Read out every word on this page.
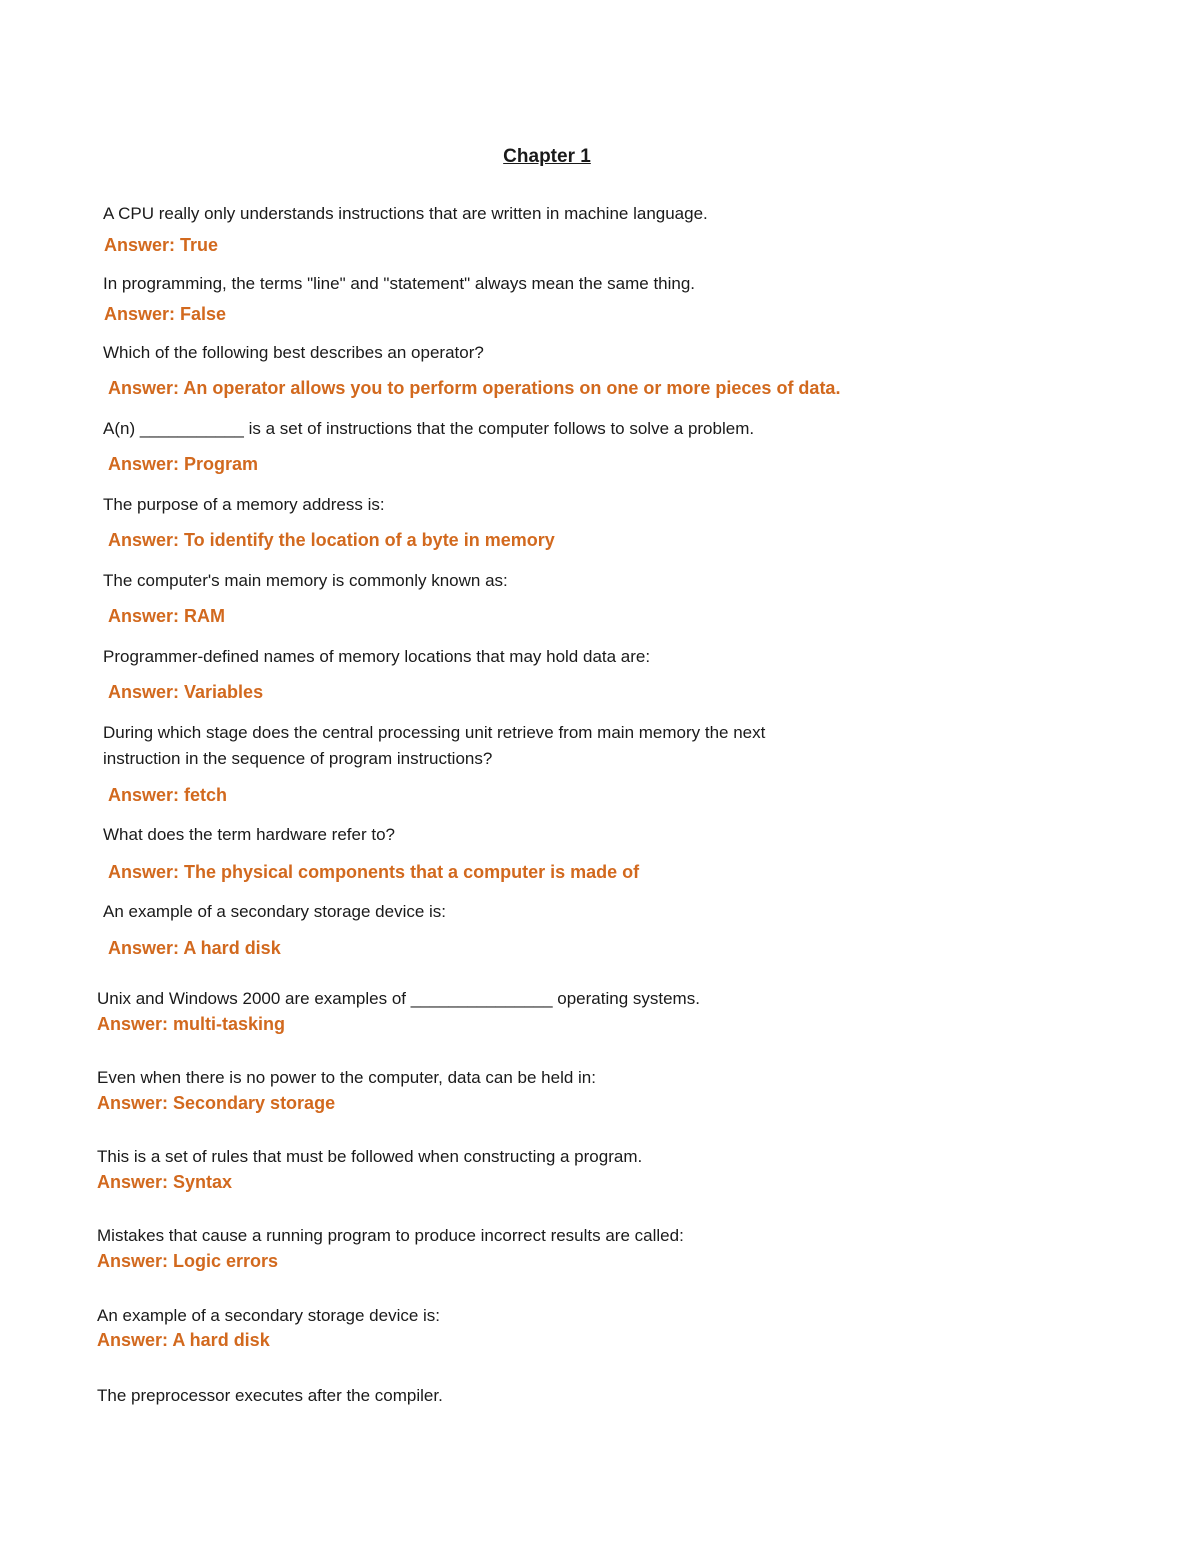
Chapter 1
A CPU really only understands instructions that are written in machine language.
Answer: True
In programming, the terms "line" and "statement" always mean the same thing.
Answer: False
Which of the following best describes an operator?
Answer: An operator allows you to perform operations on one or more pieces of data.
A(n) ___________ is a set of instructions that the computer follows to solve a problem.
Answer: Program
The purpose of a memory address is:
Answer: To identify the location of a byte in memory
The computer's main memory is commonly known as:
Answer: RAM
Programmer-defined names of memory locations that may hold data are:
Answer: Variables
During which stage does the central processing unit retrieve from main memory the next
instruction in the sequence of program instructions?
Answer: fetch
What does the term hardware refer to?
Answer: The physical components that a computer is made of
An example of a secondary storage device is:
Answer: A hard disk
Unix and Windows 2000 are examples of _______________ operating systems.
Answer: multi-tasking
Even when there is no power to the computer, data can be held in:
Answer: Secondary storage
This is a set of rules that must be followed when constructing a program.
Answer: Syntax
Mistakes that cause a running program to produce incorrect results are called:
Answer: Logic errors
An example of a secondary storage device is:
Answer: A hard disk
The preprocessor executes after the compiler.
